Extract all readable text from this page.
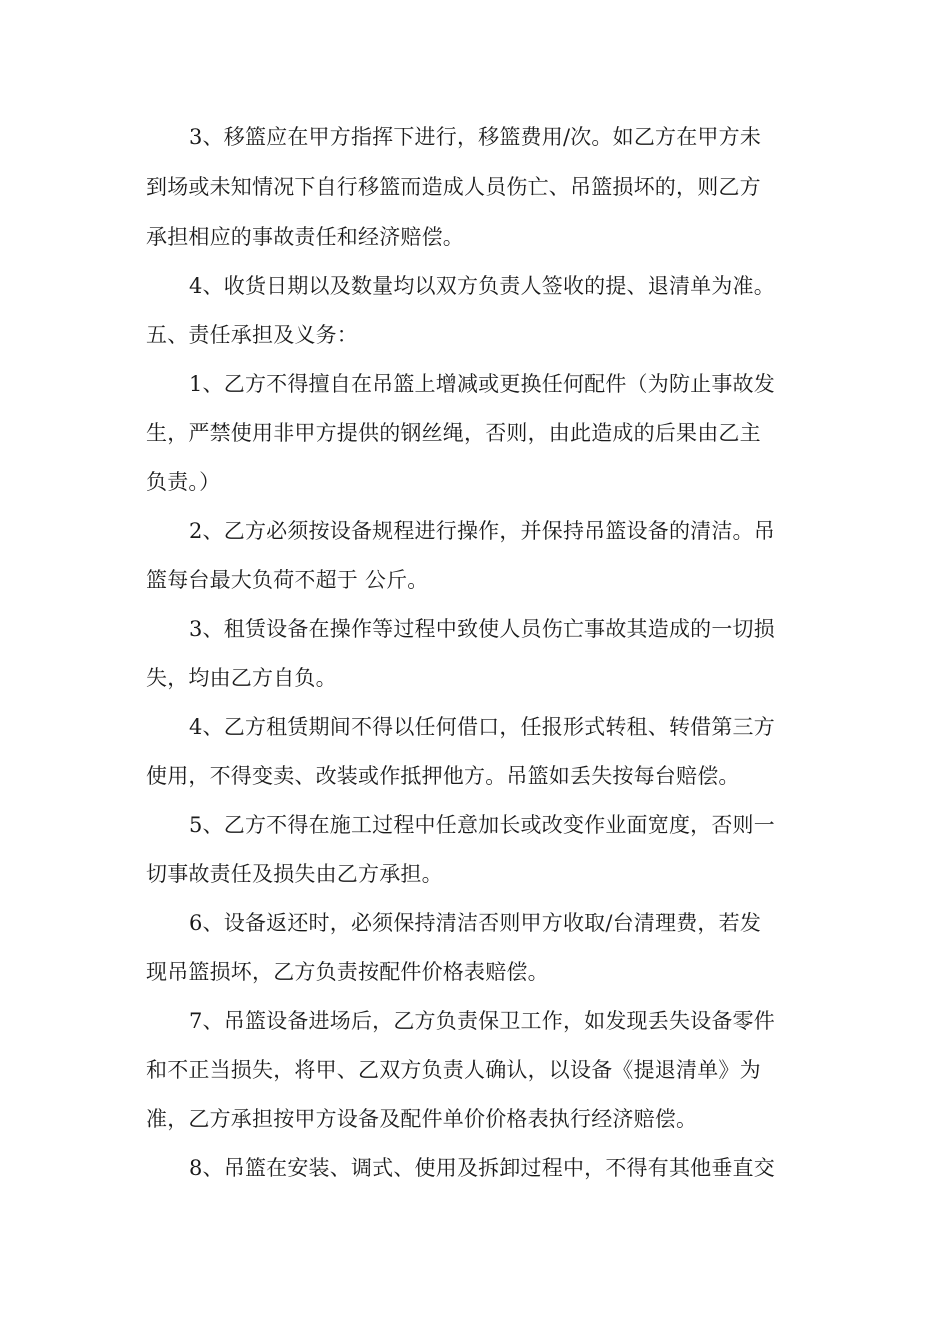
3、移篮应在甲方指挥下进行，移篮费用/次。如乙方在甲方未
到场或未知情况下自行移篮而造成人员伤亡、吊篮损坏的，则乙方
承担相应的事故责任和经济赔偿。
4、收货日期以及数量均以双方负责人签收的提、退清单为准。
五、责任承担及义务：
1、乙方不得擅自在吊篮上增减或更换任何配件（为防止事故发
生，严禁使用非甲方提供的钢丝绳，否则，由此造成的后果由乙主
负责。）
2、乙方必须按设备规程进行操作，并保持吊篮设备的清洁。吊
篮每台最大负荷不超于 公斤。
3、租赁设备在操作等过程中致使人员伤亡事故其造成的一切损
失，均由乙方自负。
4、乙方租赁期间不得以任何借口，任报形式转租、转借第三方
使用，不得变卖、改装或作抵押他方。吊篮如丢失按每台赔偿。
5、乙方不得在施工过程中任意加长或改变作业面宽度，否则一
切事故责任及损失由乙方承担。
6、设备返还时，必须保持清洁否则甲方收取/台清理费，若发
现吊篮损坏，乙方负责按配件价格表赔偿。
7、吊篮设备进场后，乙方负责保卫工作，如发现丢失设备零件
和不正当损失，将甲、乙双方负责人确认，以设备《提退清单》为
准，乙方承担按甲方设备及配件单价价格表执行经济赔偿。
8、吊篮在安装、调式、使用及拆卸过程中，不得有其他垂直交
